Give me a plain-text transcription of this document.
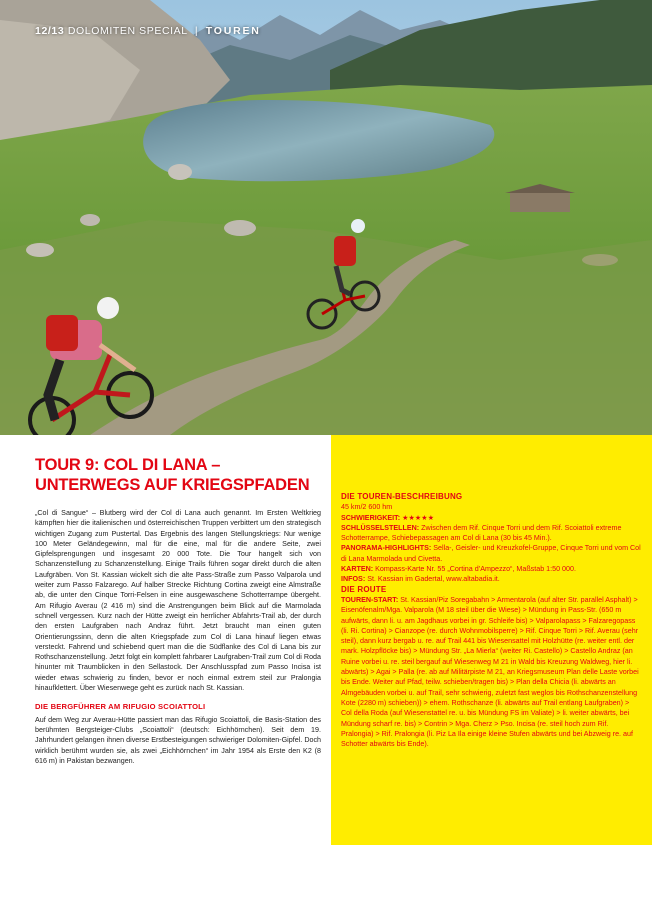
12/13 DOLOMITEN SPECIAL | TOUREN
TOUR 9: COL DI LANA –
UNTERWEGS AUF KRIEGSPFADEN

„Col di Sangue“ – Blutberg wird der Col di Lana auch genannt. Im Ersten Weltkrieg kämpften hier die italienischen und österreichischen Truppen verbittert um den strategisch wichtigen Zugang zum Pustertal. Das Ergebnis des langen Stellungskriegs: Nur wenige 100 Meter Geländegewinn, mal für die eine, mal für die andere Seite, zwei Gipfelsprengungen und insgesamt 20 000 Tote. Die Tour hangelt sich von Schanzenstellung zu Schanzenstellung. Einige Trails führen sogar direkt durch die alten Laufgräben. Von St. Kassian wickelt sich die alte Pass-Straße zum Passo Valparola und weiter zum Passo Falzarego. Auf halber Strecke Richtung Cortina zweigt eine Almstraße ab, die unter den Cinque Torri-Felsen in eine ausgewaschene Schotterrampe übergeht. Am Rifugio Averau (2 416 m) sind die Anstrengungen beim Blick auf die Marmolada schnell vergessen. Kurz nach der Hütte zweigt ein herrlicher Abfahrts-Trail ab, der durch den ersten Laufgraben nach Andraz führt. Jetzt braucht man einen guten Orientierungssinn, denn die alten Kriegspfade zum Col di Lana hinauf liegen etwas versteckt. Fahrend und schiebend quert man die die Südflanke des Col di Lana bis zur Rothschanzenstellung. Jetzt folgt ein komplett fahrbarer Laufgraben-Trail zum Col di Roda hinunter mit Traumblicken in den Sellastock. Der Anschlusspfad zum Passo Incisa ist wieder etwas schwierig zu finden, bevor er noch einmal extrem steil zur Pralongia hinaufklettert. Über Wiesenwege geht es zurück nach St. Kassian.

DIE BERGFÜHRER AM RIFUGIO SCOIATTOLI

Auf dem Weg zur Averau-Hütte passiert man das Rifugio Scoiattoli, die Basis-Station des berühmten Bergsteiger-Clubs „Scoiattoli“ (deutsch: Eichhörnchen). Seit dem 19. Jahrhundert gelangen ihnen diverse Erstbesteigungen schwieriger Dolomiten-Gipfel. Doch wirklich berühmt wurden sie, als zwei „Eichhörnchen“ im Jahr 1954 als Erste den K2 (8 616 m) in Pakistan bezwangen.

DIE TOUREN-BESCHREIBUNG

45 km/2 600 hm

SCHWIERIGKEIT: ★★★★★

SCHLÜSSELSTELLEN: Zwischen dem Rif. Cinque Torri und dem Rif. Scoiattoli extreme Schotterrampe, Schiebepassagen am Col di Lana (30 bis 45 Min.).

PANORAMA-HIGHLIGHTS: Sella-, Geisler- und Kreuzkofel-Gruppe, Cinque Torri und vom Col di Lana Marmolada und Civetta.

KARTEN: Kompass-Karte Nr. 55 „Cortina d’Ampezzo“, Maßstab 1:50 000.

INFOS: St. Kassian im Gadertal, www.altabadia.it.

DIE ROUTE

TOUREN-START: St. Kassian/Piz Soregabahn > Armentarola (auf alter Str. parallel Asphalt) > Eisenöfenalm/Mga. Valparola (M 18 steil über die Wiese) > Mündung in Pass-Str. (650 m aufwärts, dann li. u. am Jagdhaus vorbei in gr. Schleife bis) > Valparolapass > Falzaregopass (li. Ri. Cortina) > Cianzope (re. durch Wohnmobilsperre) > Rif. Cinque Torri > Rif. Averau (sehr steil), dann kurz bergab u. re. auf Trail 441 bis Wiesensattel mit Holzhütte (re. weiter entl. der mark. Holzpflöcke bis) > Mündung Str. „La Mierla“ (weiter Ri. Castello) > Castello Andraz (an Ruine vorbei u. re. steil bergauf auf Wiesenweg M 21 in Wald bis Kreuzung Waldweg, hier li. abwärts) > Agai > Palla (re. ab auf Militärpiste M 21, an Kriegsmuseum Plan delle Laste vorbei bis Ende. Weiter auf Pfad, teilw. schieben/tragen bis) > Plan della Chicia (li. abwärts an Almgebäuden vorbei u. auf Trail, sehr schwierig, zuletzt fast weglos bis Rothschanzenstellung Kote (2280 m) schieben)) > ehem. Rothschanze (li. abwärts auf Trail entlang Laufgraben) > Col della Roda (auf Wiesenstattel re. u. bis Mündung FS im Valiate) > li. weiter abwärts, bei Mündung scharf re. bis) > Contrin > Mga. Cherz > Pso. Incisa (re. steil hoch zum Rif. Pralongia) > Rif. Pralongia (li. Piz La Ila einige kleine Stufen abwärts und bei Abzweig re. auf Schotter abwärts bis Ende).
